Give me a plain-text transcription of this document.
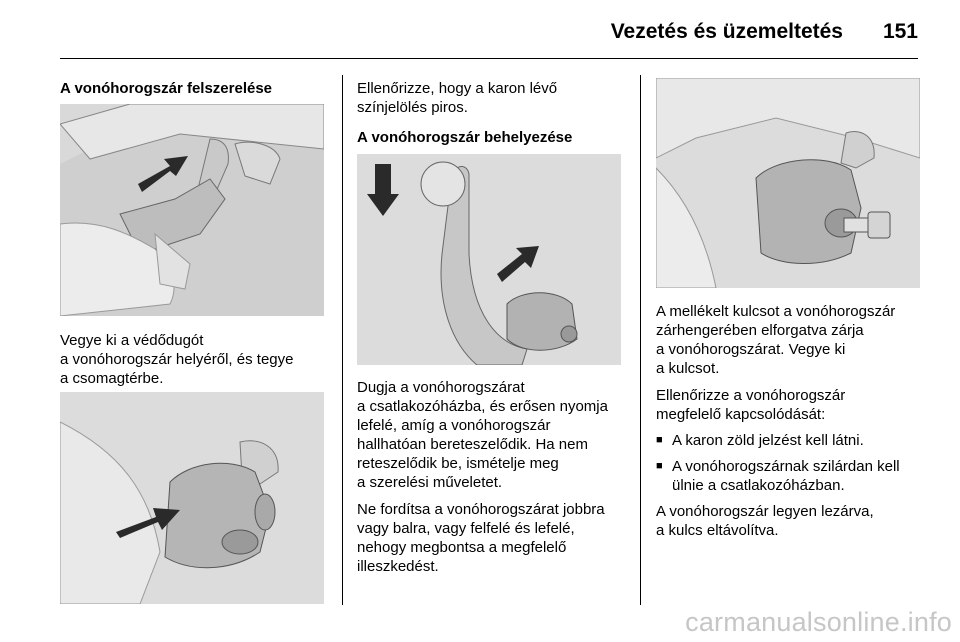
Vezetés és üzemeltetés 151
A vonóhorogszár felszerelése

Vegye ki a védődugót

a vonóhorogszár helyéről, és tegye

a csomagtérbe.

Ellenőrizze, hogy a karon lévő

színjelölés piros.

A vonóhorogszár behelyezése

Dugja a vonóhorogszárat

a csatlakozóházba, és erősen nyomja

lefelé, amíg a vonóhorogszár

hallhatóan bereteszelődik. Ha nem

reteszelődik be, ismételje meg

a szerelési műveletet.

Ne fordítsa a vonóhorogszárat jobbra

vagy balra, vagy felfelé és lefelé,

nehogy megbontsa a megfelelő

illeszkedést.

A mellékelt kulcsot a vonóhorogszár

zárhengerében elforgatva zárja

a vonóhorogszárat. Vegye ki

a kulcsot.

Ellenőrizze a vonóhorogszár

megfelelő kapcsolódását:

■ A karon zöld jelzést kell látni.

■ A vonóhorogszárnak szilárdan kell

ülnie a csatlakozóházban.

A vonóhorogszár legyen lezárva,

a kulcs eltávolítva.

carmanualsonline.info
